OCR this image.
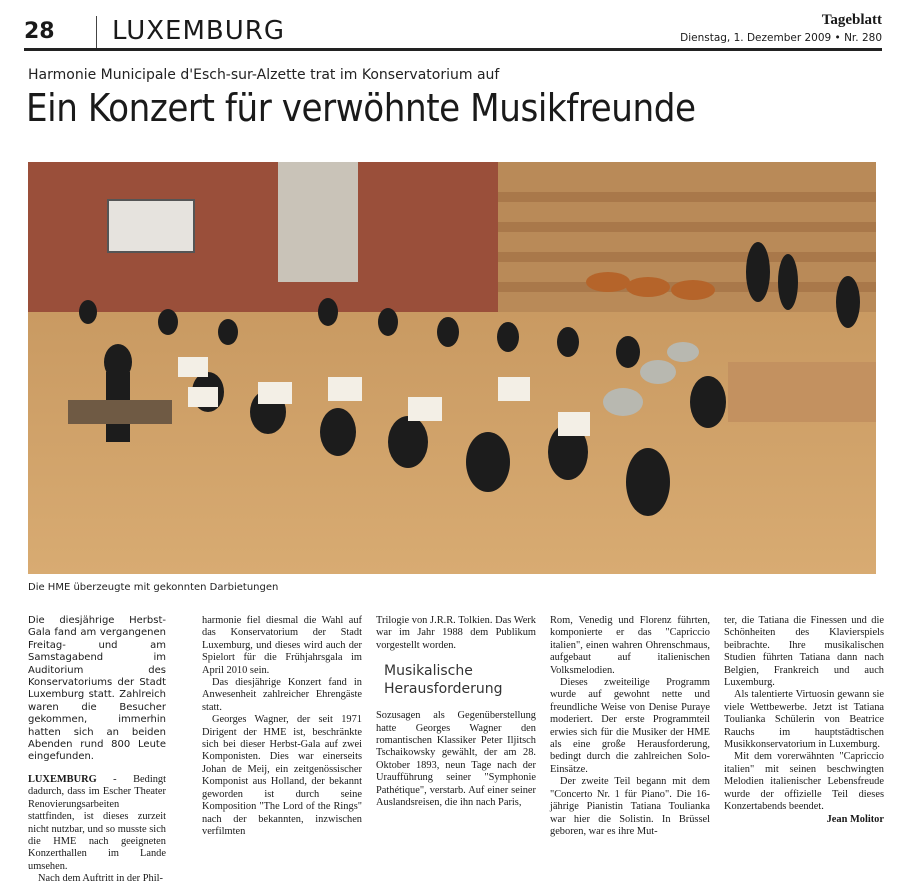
28	LUXEMBURG	Tageblatt
Dienstag, 1. Dezember 2009 • Nr. 280
Harmonie Municipale d'Esch-sur-Alzette trat im Konservatorium auf
Ein Konzert für verwöhnte Musikfreunde
Die HME überzeugte mit gekonnten Darbietungen

Die diesjährige Herbst-Gala fand am vergangenen Freitag- und am Samstagabend im Auditorium des Konservatoriums der Stadt Luxemburg statt. Zahlreich waren die Besucher gekommen, immerhin hatten sich an beiden Abenden rund 800 Leute eingefunden.

LUXEMBURG - Bedingt dadurch, dass im Escher Theater Renovierungsarbeiten stattfinden, ist dieses zurzeit nicht nutzbar, und so musste sich die HME nach geeigneten Konzerthallen im Lande umsehen.

Nach dem Auftritt in der Phil-

harmonie fiel diesmal die Wahl auf das Konservatorium der Stadt Luxemburg, und dieses wird auch der Spielort für die Frühjahrsgala im April 2010 sein.

Das diesjährige Konzert fand in Anwesenheit zahlreicher Ehrengäste statt.

Georges Wagner, der seit 1971 Dirigent der HME ist, beschränkte sich bei dieser Herbst-Gala auf zwei Komponisten. Dies war einerseits Johan de Meij, ein zeitgenössischer Komponist aus Holland, der bekannt geworden ist durch seine Komposition "The Lord of the Rings" nach der bekannten, inzwischen verfilmten

Trilogie von J.R.R. Tolkien. Das Werk war im Jahr 1988 dem Publikum vorgestellt worden.

Musikalische
Herausforderung

Sozusagen als Gegenüberstellung hatte Georges Wagner den romantischen Klassiker Peter Iljitsch Tschaikowsky gewählt, der am 28. Oktober 1893, neun Tage nach der Uraufführung seiner "Symphonie Pathétique", verstarb. Auf einer seiner Auslandsreisen, die ihn nach Paris,

Rom, Venedig und Florenz führten, komponierte er das "Capriccio italien", einen wahren Ohrenschmaus, aufgebaut auf italienischen Volksmelodien.

Dieses zweiteilige Programm wurde auf gewohnt nette und freundliche Weise von Denise Puraye moderiert. Der erste Programmteil erwies sich für die Musiker der HME als eine große Herausforderung, bedingt durch die zahlreichen Solo-Einsätze.

Der zweite Teil begann mit dem "Concerto Nr. 1 für Piano". Die 16-jährige Pianistin Tatiana Toulianka war hier die Solistin. In Brüssel geboren, war es ihre Mut-

ter, die Tatiana die Finessen und die Schönheiten des Klavierspiels beibrachte. Ihre musikalischen Studien führten Tatiana dann nach Belgien, Frankreich und auch Luxemburg.

Als talentierte Virtuosin gewann sie viele Wettbewerbe. Jetzt ist Tatiana Toulianka Schülerin von Beatrice Rauchs im hauptstädtischen Musikkonservatorium in Luxemburg.

Mit dem vorerwähnten "Capriccio italien" mit seinen beschwingten Melodien italienischer Lebensfreude wurde der offizielle Teil dieses Konzertabends beendet.

Jean Molitor
